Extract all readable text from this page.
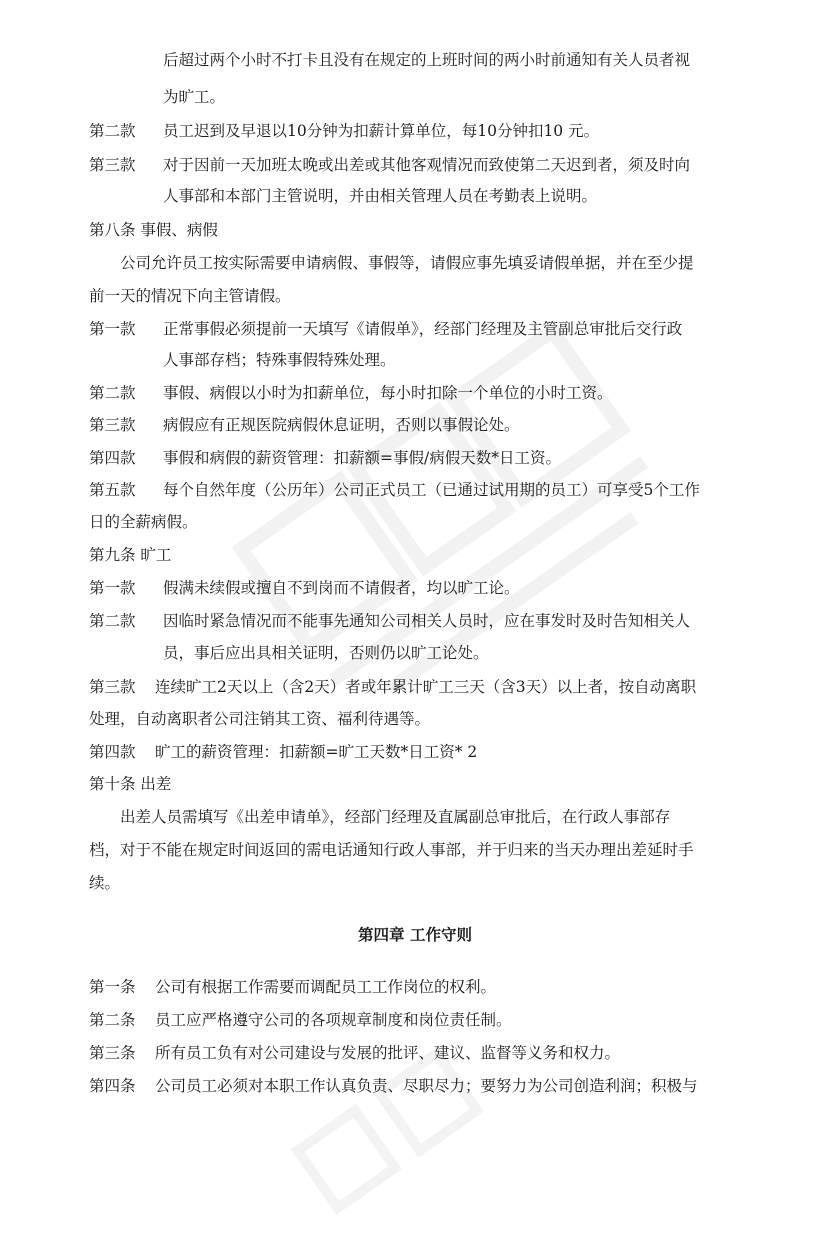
后超过两个小时不打卡且没有在规定的上班时间的两小时前通知有关人员者视
为旷工。
第二款 员工迟到及早退以10分钟为扣薪计算单位，每10分钟扣10 元。
第三款 对于因前一天加班太晚或出差或其他客观情况而致使第二天迟到者，须及时向
人事部和本部门主管说明，并由相关管理人员在考勤表上说明。
第八条 事假、病假
公司允许员工按实际需要申请病假、事假等，请假应事先填妥请假单据，并在至少提
前一天的情况下向主管请假。
第一款 正常事假必须提前一天填写《请假单》，经部门经理及主管副总审批后交行政
人事部存档；特殊事假特殊处理。
第二款 事假、病假以小时为扣薪单位，每小时扣除一个单位的小时工资。
第三款 病假应有正规医院病假休息证明，否则以事假论处。
第四款 事假和病假的薪资管理：扣薪额=事假/病假天数*日工资。
第五款 每个自然年度（公历年）公司正式员工（已通过试用期的员工）可享受5个工作
日的全薪病假。
第九条 旷工
第一款 假满未续假或擅自不到岗而不请假者，均以旷工论。
第二款 因临时紧急情况而不能事先通知公司相关人员时，应在事发时及时告知相关人
员，事后应出具相关证明，否则仍以旷工论处。
第三款 连续旷工2天以上（含2天）者或年累计旷工三天（含3天）以上者，按自动离职
处理，自动离职者公司注销其工资、福利待遇等。
第四款 旷工的薪资管理：扣薪额=旷工天数*日工资* 2
第十条 出差
出差人员需填写《出差申请单》，经部门经理及直属副总审批后，在行政人事部存
档，对于不能在规定时间返回的需电话通知行政人事部，并于归来的当天办理出差延时手
续。
第四章 工作守则
第一条 公司有根据工作需要而调配员工工作岗位的权利。
第二条 员工应严格遵守公司的各项规章制度和岗位责任制。
第三条 所有员工负有对公司建设与发展的批评、建议、监督等义务和权力。
第四条 公司员工必须对本职工作认真负责、尽职尽力；要努力为公司创造利润；积极与
